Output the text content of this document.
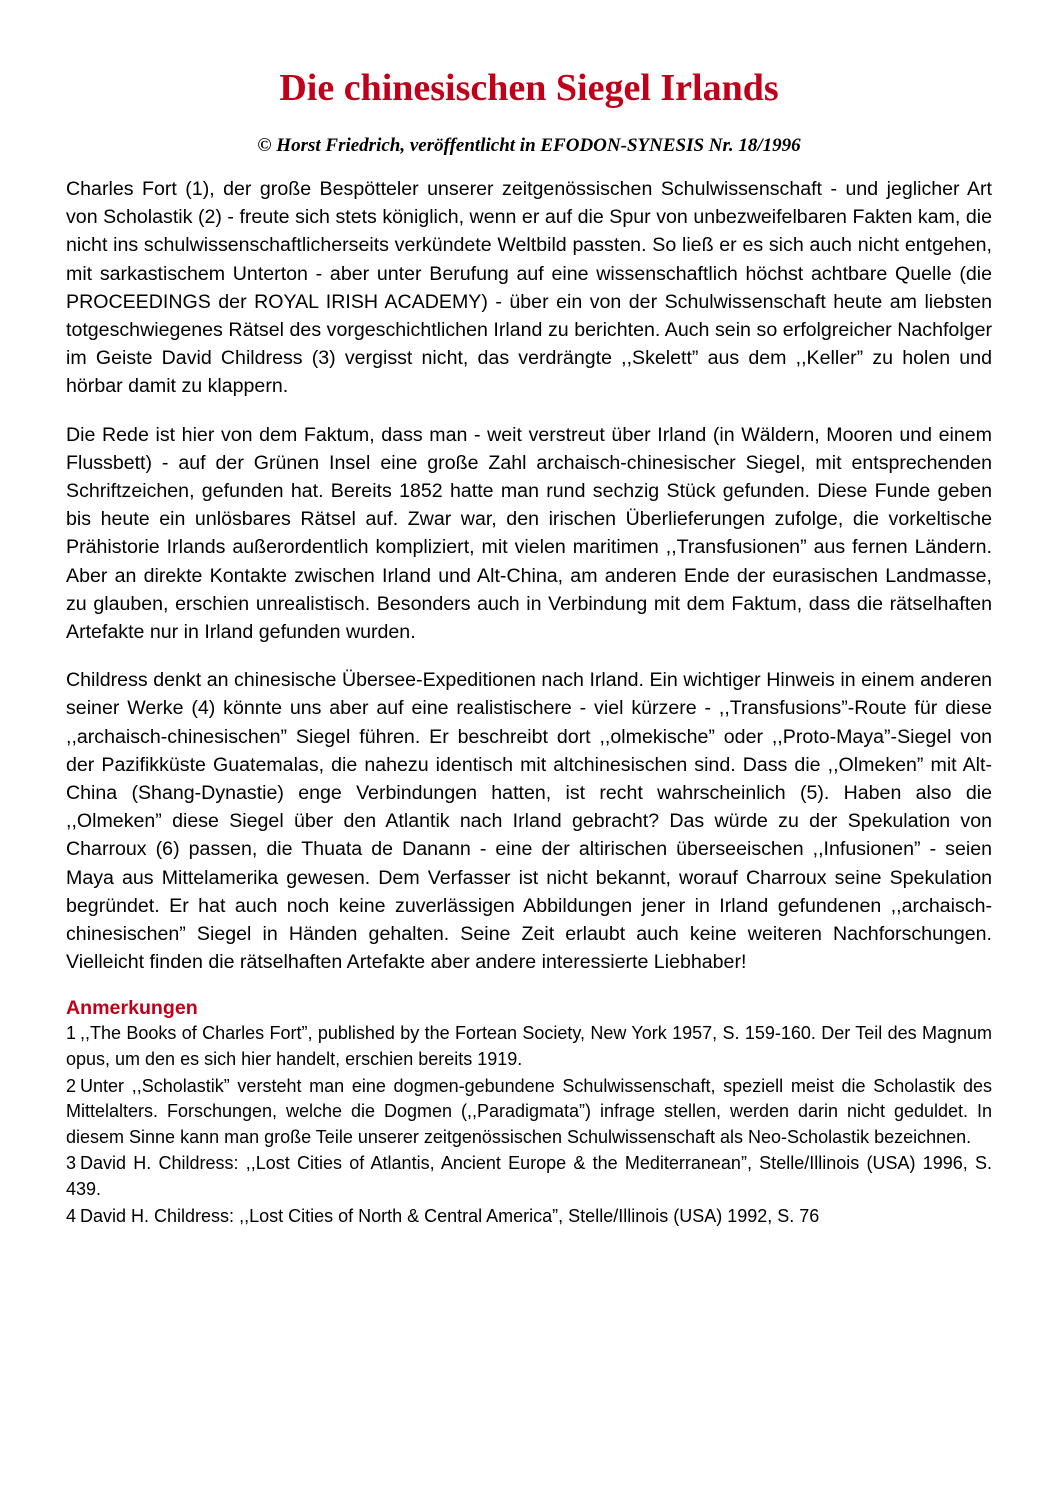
Die chinesischen Siegel Irlands

© Horst Friedrich, veröffentlicht in EFODON-SYNESIS Nr. 18/1996

Charles Fort (1), der große Bespötteler unserer zeitgenössischen Schulwissenschaft - und jeglicher Art von Scholastik (2) - freute sich stets königlich, wenn er auf die Spur von unbezweifelbaren Fakten kam, die nicht ins schulwissenschaftlicherseits verkündete Weltbild passten. So ließ er es sich auch nicht entgehen, mit sarkastischem Unterton - aber unter Berufung auf eine wissenschaftlich höchst achtbare Quelle (die PROCEEDINGS der ROYAL IRISH ACADEMY) - über ein von der Schulwissenschaft heute am liebsten totgeschwiegenes Rätsel des vorgeschichtlichen Irland zu berichten. Auch sein so erfolgreicher Nachfolger im Geiste David Childress (3) vergisst nicht, das verdrängte ,,Skelett” aus dem ,,Keller” zu holen und hörbar damit zu klappern.

Die Rede ist hier von dem Faktum, dass man - weit verstreut über Irland (in Wäldern, Mooren und einem Flussbett) - auf der Grünen Insel eine große Zahl archaisch-chinesischer Siegel, mit entsprechenden Schriftzeichen, gefunden hat. Bereits 1852 hatte man rund sechzig Stück gefunden. Diese Funde geben bis heute ein unlösbares Rätsel auf. Zwar war, den irischen Überlieferungen zufolge, die vorkeltische Prähistorie Irlands außerordentlich kompliziert, mit vielen maritimen ,,Transfusionen” aus fernen Ländern. Aber an direkte Kontakte zwischen Irland und Alt-China, am anderen Ende der eurasischen Landmasse, zu glauben, erschien unrealistisch. Besonders auch in Verbindung mit dem Faktum, dass die rätselhaften Artefakte nur in Irland gefunden wurden.

Childress denkt an chinesische Übersee-Expeditionen nach Irland. Ein wichtiger Hinweis in einem anderen seiner Werke (4) könnte uns aber auf eine realistischere - viel kürzere - ,,Transfusions”-Route für diese ,,archaisch-chinesischen” Siegel führen. Er beschreibt dort ,,olmekische” oder ,,Proto-Maya”-Siegel von der Pazifikküste Guatemalas, die nahezu identisch mit altchinesischen sind. Dass die ,,Olmeken” mit Alt-China (Shang-Dynastie) enge Verbindungen hatten, ist recht wahrscheinlich (5). Haben also die ,,Olmeken” diese Siegel über den Atlantik nach Irland gebracht? Das würde zu der Spekulation von Charroux (6) passen, die Thuata de Danann - eine der altirischen überseeischen ,,Infusionen” - seien Maya aus Mittelamerika gewesen. Dem Verfasser ist nicht bekannt, worauf Charroux seine Spekulation begründet. Er hat auch noch keine zuverlässigen Abbildungen jener in Irland gefundenen ,,archaisch-chinesischen” Siegel in Händen gehalten. Seine Zeit erlaubt auch keine weiteren Nachforschungen. Vielleicht finden die rätselhaften Artefakte aber andere interessierte Liebhaber!

Anmerkungen

1 ,,The Books of Charles Fort”, published by the Fortean Society, New York 1957, S. 159-160. Der Teil des Magnum opus, um den es sich hier handelt, erschien bereits 1919.

2 Unter ,,Scholastik” versteht man eine dogmen-gebundene Schulwissenschaft, speziell meist die Scholastik des Mittelalters. Forschungen, welche die Dogmen (,,Paradigmata”) infrage stellen, werden darin nicht geduldet. In diesem Sinne kann man große Teile unserer zeitgenössischen Schulwissenschaft als Neo-Scholastik bezeichnen.

3 David H. Childress: ,,Lost Cities of Atlantis, Ancient Europe & the Mediterranean”, Stelle/Illinois (USA) 1996, S. 439.

4 David H. Childress: ,,Lost Cities of North & Central America”, Stelle/Illinois (USA) 1992, S. 76
